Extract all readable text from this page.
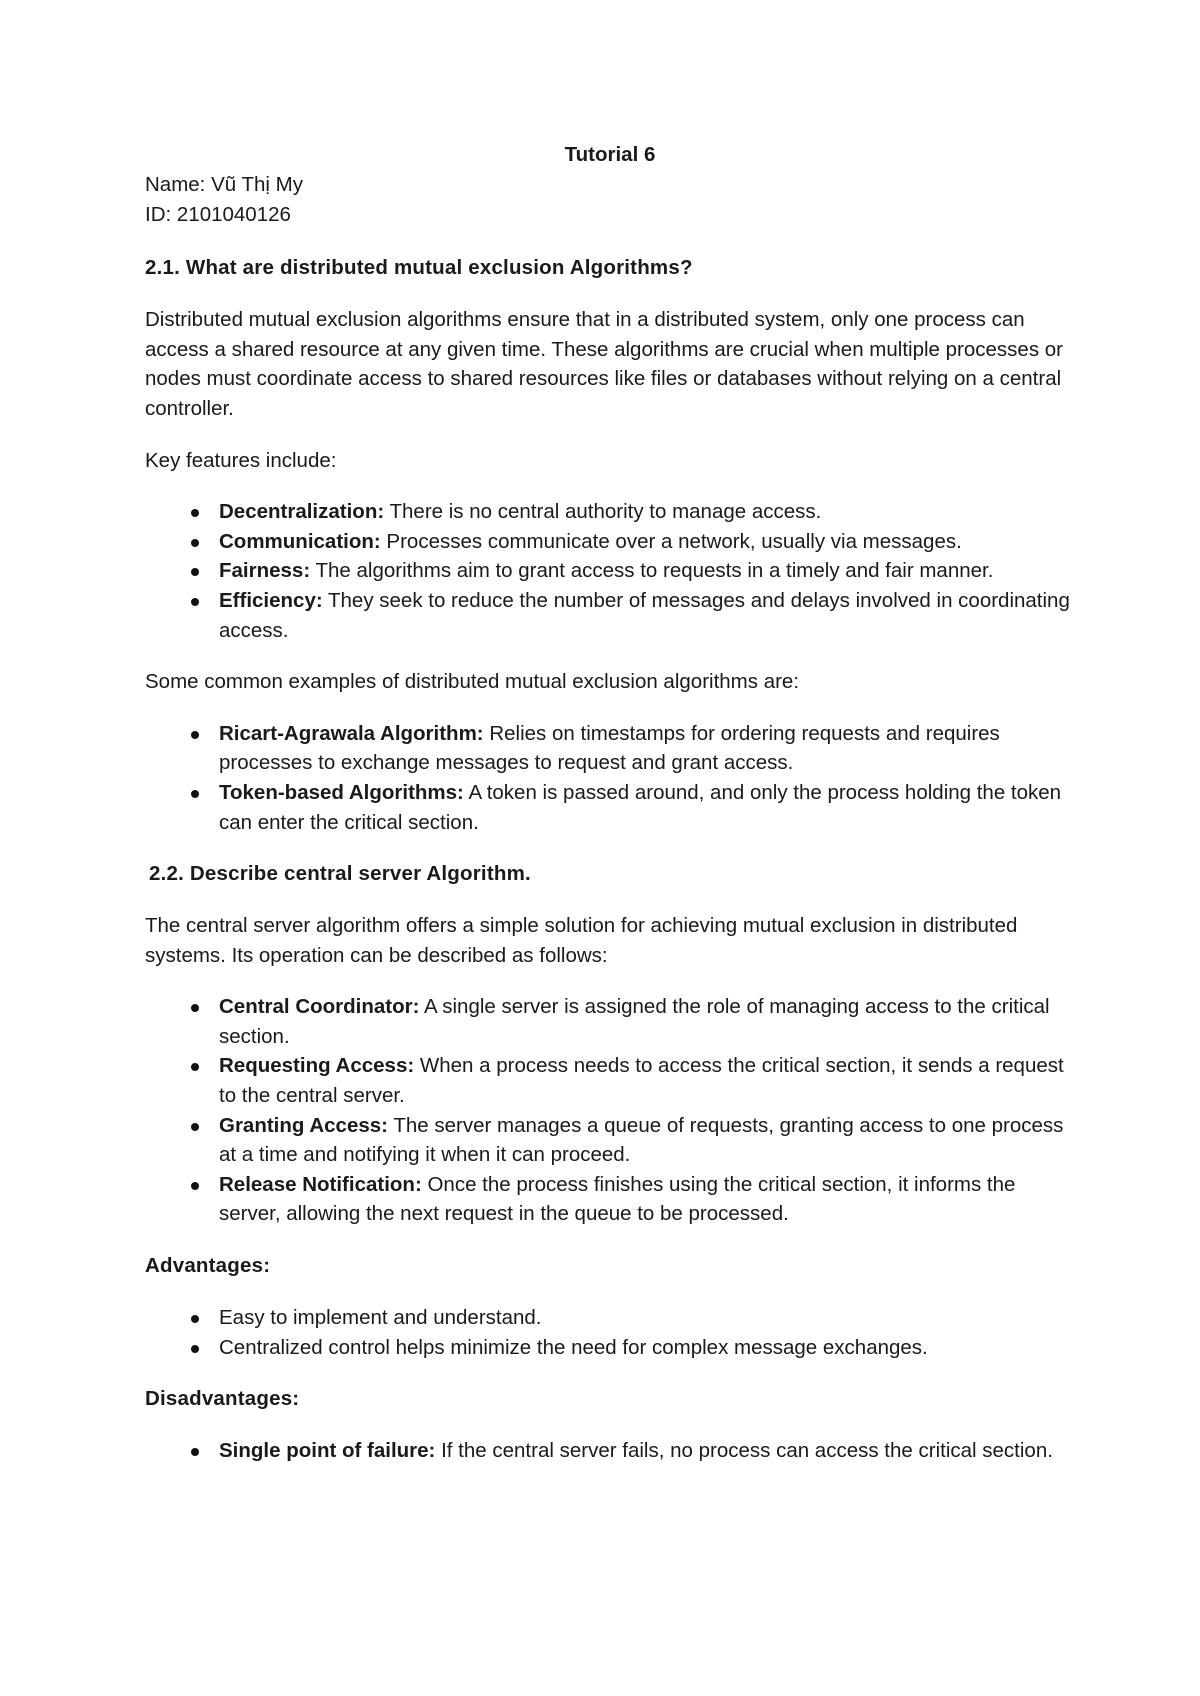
Tutorial 6

Name: Vũ Thị My

ID: 2101040126

2.1. What are distributed mutual exclusion Algorithms?

Distributed mutual exclusion algorithms ensure that in a distributed system, only one process can access a shared resource at any given time. These algorithms are crucial when multiple processes or nodes must coordinate access to shared resources like files or databases without relying on a central controller.

Key features include:

Decentralization: There is no central authority to manage access.
Communication: Processes communicate over a network, usually via messages.
Fairness: The algorithms aim to grant access to requests in a timely and fair manner.
Efficiency: They seek to reduce the number of messages and delays involved in coordinating access.

Some common examples of distributed mutual exclusion algorithms are:

Ricart-Agrawala Algorithm: Relies on timestamps for ordering requests and requires processes to exchange messages to request and grant access.
Token-based Algorithms: A token is passed around, and only the process holding the token can enter the critical section.
2.2. Describe central server Algorithm.

The central server algorithm offers a simple solution for achieving mutual exclusion in distributed systems. Its operation can be described as follows:

Central Coordinator: A single server is assigned the role of managing access to the critical section.
Requesting Access: When a process needs to access the critical section, it sends a request to the central server.
Granting Access: The server manages a queue of requests, granting access to one process at a time and notifying it when it can proceed.
Release Notification: Once the process finishes using the critical section, it informs the server, allowing the next request in the queue to be processed.
Advantages:
Easy to implement and understand.
Centralized control helps minimize the need for complex message exchanges.
Disadvantages:
Single point of failure: If the central server fails, no process can access the critical section.
